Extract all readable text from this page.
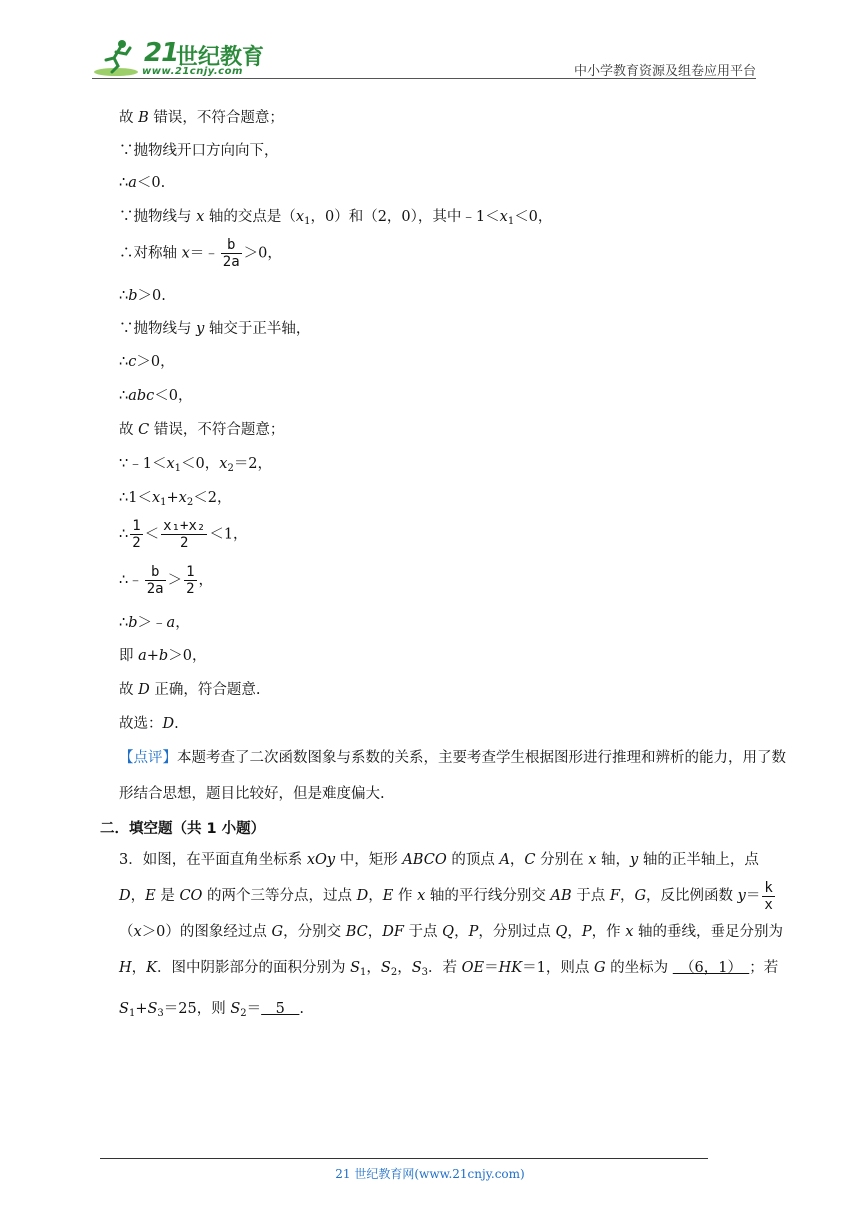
21
世纪教育
www.21cnjy.com	中小学教育资源及组卷应用平台
故 B 错误，不符合题意；
∵抛物线开口方向向下，
∴a＜0.
∵抛物线与 x 轴的交点是（$x_1$，0）和（2，0），其中$﹣1<x_1<0$，
∴对称轴 x＝﹣ $\frac{b}{2a} >0$，
∴b＞0.
∵抛物线与 y 轴交于正半轴，
∴c＞0，
∴abc＜0，
故 C 错误，不符合题意；
$\because﹣1<x_1<0$，$x_2=2$，
$\therefore 1<x_1+x_2<2$，
∴ $\frac{1}{2} < \frac{\text{x₁+x₂}}{2} <1$，
∴﹣ $\frac{b}{2a} > \frac{1}{2}$ ，
∴b＞﹣a，
即 a+b＞0，
故 D 正确，符合题意.
故选：D.
【点评】本题考查了二次函数图象与系数的关系，主要考查学生根据图形进行推理和辨析的能力，用了数形结合思想，题目比较好，但是难度偏大.
二．填空题（共 1 小题）
3．如图，在平面直角坐标系 xOy 中，矩形 ABCO 的顶点 A，C 分别在 x 轴，y 轴的正半轴上，点 D，E 是 CO 的两个三等分点，过点 D，E 作 x 轴的平行线分别交 AB 于点 F，G，反比例函数 $y= \frac{k}{x}$
（x＞0）的图象经过点 G，分别交 BC，DF 于点 Q，P，分别过点 Q，P，作 x 轴的垂线，垂足分别为 H，K．图中阴影部分的面积分别为 $S_1$，$S_2$，$S_3$．若 OE＝HK＝1，则点 G 的坐标为 　（6，1）　；若 $S_1+S_3=25$，则 $S_2=$　5　.
21 世纪教育网(www.21cnjy.com)
